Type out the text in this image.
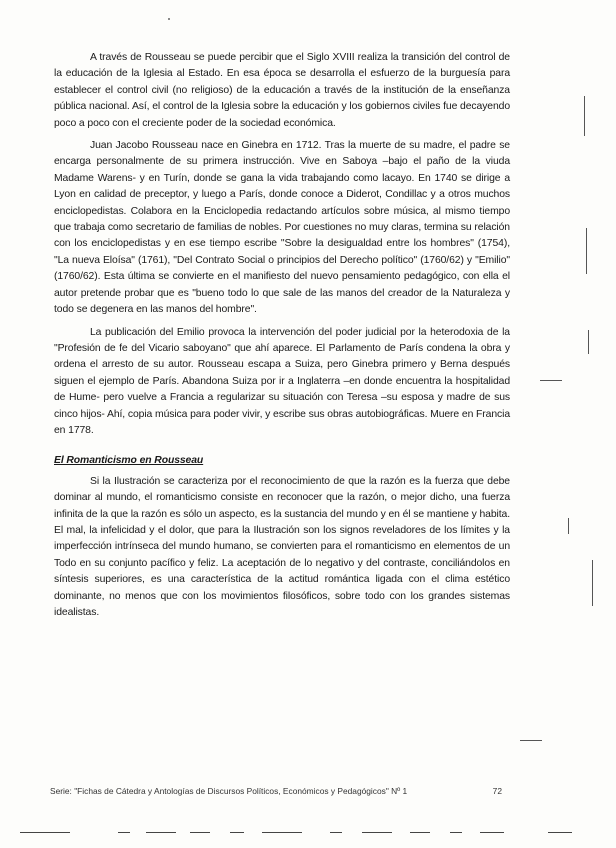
A través de Rousseau se puede percibir que el Siglo XVIII realiza la transición del control de la educación de la Iglesia al Estado. En esa época se desarrolla el esfuerzo de la burguesía para establecer el control civil (no religioso) de la educación a través de la institución de la enseñanza pública nacional. Así, el control de la Iglesia sobre la educación y los gobiernos civiles fue decayendo poco a poco con el creciente poder de la sociedad económica.

Juan Jacobo Rousseau nace en Ginebra en 1712. Tras la muerte de su madre, el padre se encarga personalmente de su primera instrucción. Vive en Saboya –bajo el paño de la viuda Madame Warens- y en Turín, donde se gana la vida trabajando como lacayo. En 1740 se dirige a Lyon en calidad de preceptor, y luego a París, donde conoce a Diderot, Condillac y a otros muchos enciclopedistas. Colabora en la Enciclopedia redactando artículos sobre música, al mismo tiempo que trabaja como secretario de familias de nobles. Por cuestiones no muy claras, termina su relación con los enciclopedistas y en ese tiempo escribe "Sobre la desigualdad entre los hombres" (1754), "La nueva Eloísa" (1761), "Del Contrato Social o principios del Derecho político" (1760/62) y "Emilio" (1760/62). Esta última se convierte en el manifiesto del nuevo pensamiento pedagógico, con ella el autor pretende probar que es "bueno todo lo que sale de las manos del creador de la Naturaleza y todo se degenera en las manos del hombre".

La publicación del Emilio provoca la intervención del poder judicial por la heterodoxia de la "Profesión de fe del Vicario saboyano" que ahí aparece. El Parlamento de París condena la obra y ordena el arresto de su autor. Rousseau escapa a Suiza, pero Ginebra primero y Berna después siguen el ejemplo de París. Abandona Suiza por ir a Inglaterra –en donde encuentra la hospitalidad de Hume- pero vuelve a Francia a regularizar su situación con Teresa –su esposa y madre de sus cinco hijos- Ahí, copia música para poder vivir, y escribe sus obras autobiográficas. Muere en Francia en 1778.

El Romanticismo en Rousseau

Si la Ilustración se caracteriza por el reconocimiento de que la razón es la fuerza que debe dominar al mundo, el romanticismo consiste en reconocer que la razón, o mejor dicho, una fuerza infinita de la que la razón es sólo un aspecto, es la sustancia del mundo y en él se mantiene y habita. El mal, la infelicidad y el dolor, que para la Ilustración son los signos reveladores de los límites y la imperfección intrínseca del mundo humano, se convierten para el romanticismo en elementos de un Todo en su conjunto pacífico y feliz. La aceptación de lo negativo y del contraste, conciliándolos en síntesis superiores, es una característica de la actitud romántica ligada con el clima estético dominante, no menos que con los movimientos filosóficos, sobre todo con los grandes sistemas idealistas.

Serie: "Fichas de Cátedra y Antologías de Discursos Políticos, Económicos y Pedagógicos" Nº 1	72
